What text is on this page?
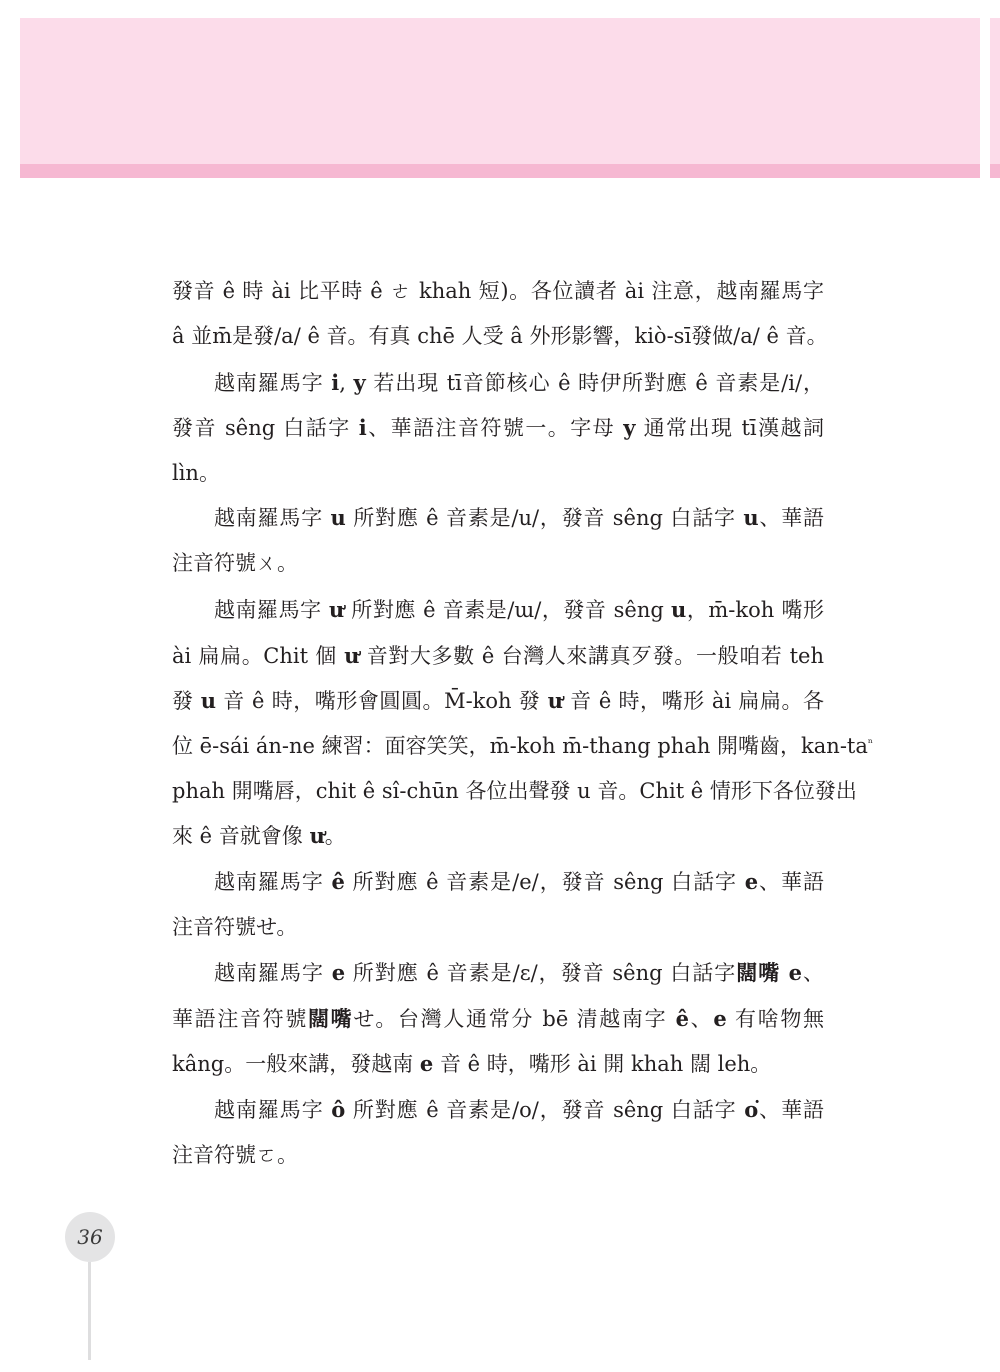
發音 ê 時 ài 比平時 ê ㄜ khah 短)。各位讀者 ài 注意，越南羅馬字
â 並m̄是發/a/ ê 音。有真 chē 人受 â 外形影響，kiò-sī發做/a/ ê 音。
越南羅馬字 i, y 若出現 tī音節核心 ê 時伊所對應 ê 音素是/i/，
發音 sêng 白話字 i、華語注音符號一。字母 y 通常出現 tī漢越詞
lìn。
越南羅馬字 u 所對應 ê 音素是/u/，發音 sêng 白話字 u、華語
注音符號ㄨ。
越南羅馬字 ư 所對應 ê 音素是/ɯ/，發音 sêng u，m̄-koh 嘴形
ài 扁扁。Chit 個 ư 音對大多數 ê 台灣人來講真歹發。一般咱若 teh
發 u 音 ê 時，嘴形會圓圓。M̄-koh 發 ư 音 ê 時，嘴形 ài 扁扁。各
位 ē-sái án-ne 練習：面容笑笑，m̄-koh m̄-thang phah 開嘴齒，kan-$ta^{^n}$
phah 開嘴唇，chit ê sî-chūn 各位出聲發 u 音。Chit ê 情形下各位發出
來 ê 音就會像 ư。
越南羅馬字 ê 所對應 ê 音素是/e/，發音 sêng 白話字 e、華語
注音符號せ。
越南羅馬字 e 所對應 ê 音素是/ɛ/，發音 sêng 白話字闊嘴 e、
華語注音符號闊嘴せ。台灣人通常分 bē 清越南字 ê、e 有啥物無
kâng。一般來講，發越南 e 音 ê 時，嘴形 ài 開 khah 闊 leh。
越南羅馬字 ô 所對應 ê 音素是/o/，發音 sêng 白話字 o͘、華語
注音符號ㄛ。
36
